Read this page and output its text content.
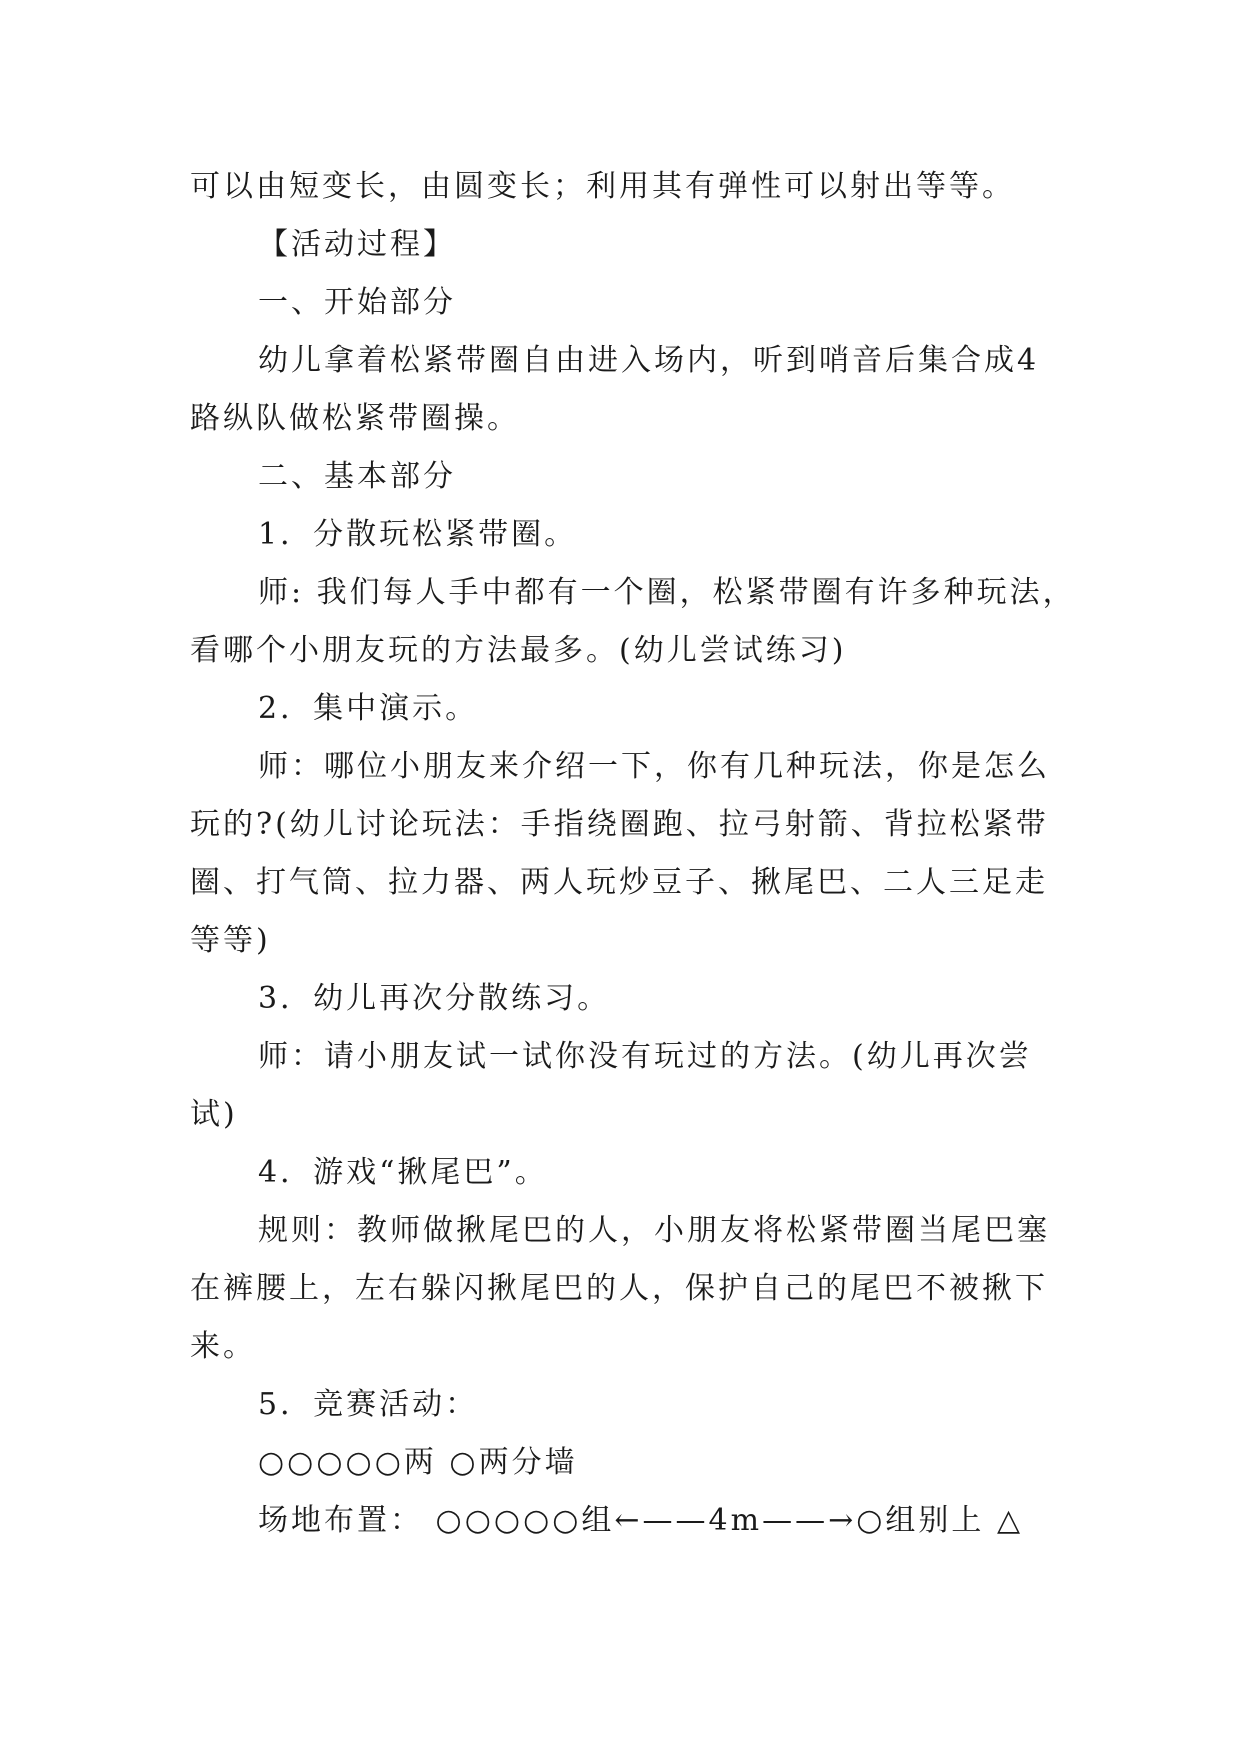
可以由短变长，由圆变长；利用其有弹性可以射出等等。
【活动过程】
一、开始部分
幼儿拿着松紧带圈自由进入场内，听到哨音后集合成4
路纵队做松紧带圈操。
二、基本部分
1．分散玩松紧带圈。
师: 我们每人手中都有一个圈，松紧带圈有许多种玩法，
看哪个小朋友玩的方法最多。(幼儿尝试练习)
2．集中演示。
师：哪位小朋友来介绍一下，你有几种玩法，你是怎么
玩的?(幼儿讨论玩法：手指绕圈跑、拉弓射箭、背拉松紧带
圈、打气筒、拉力器、两人玩炒豆子、揪尾巴、二人三足走
等等)
3．幼儿再次分散练习。
师：请小朋友试一试你没有玩过的方法。(幼儿再次尝
试)
4．游戏“揪尾巴”。
规则：教师做揪尾巴的人，小朋友将松紧带圈当尾巴塞
在裤腰上，左右躲闪揪尾巴的人，保护自己的尾巴不被揪下
来。
5．竞赛活动：
○○○○○两 ○两分墙
场地布置： ○○○○○组←——4m——→○组别上 △
